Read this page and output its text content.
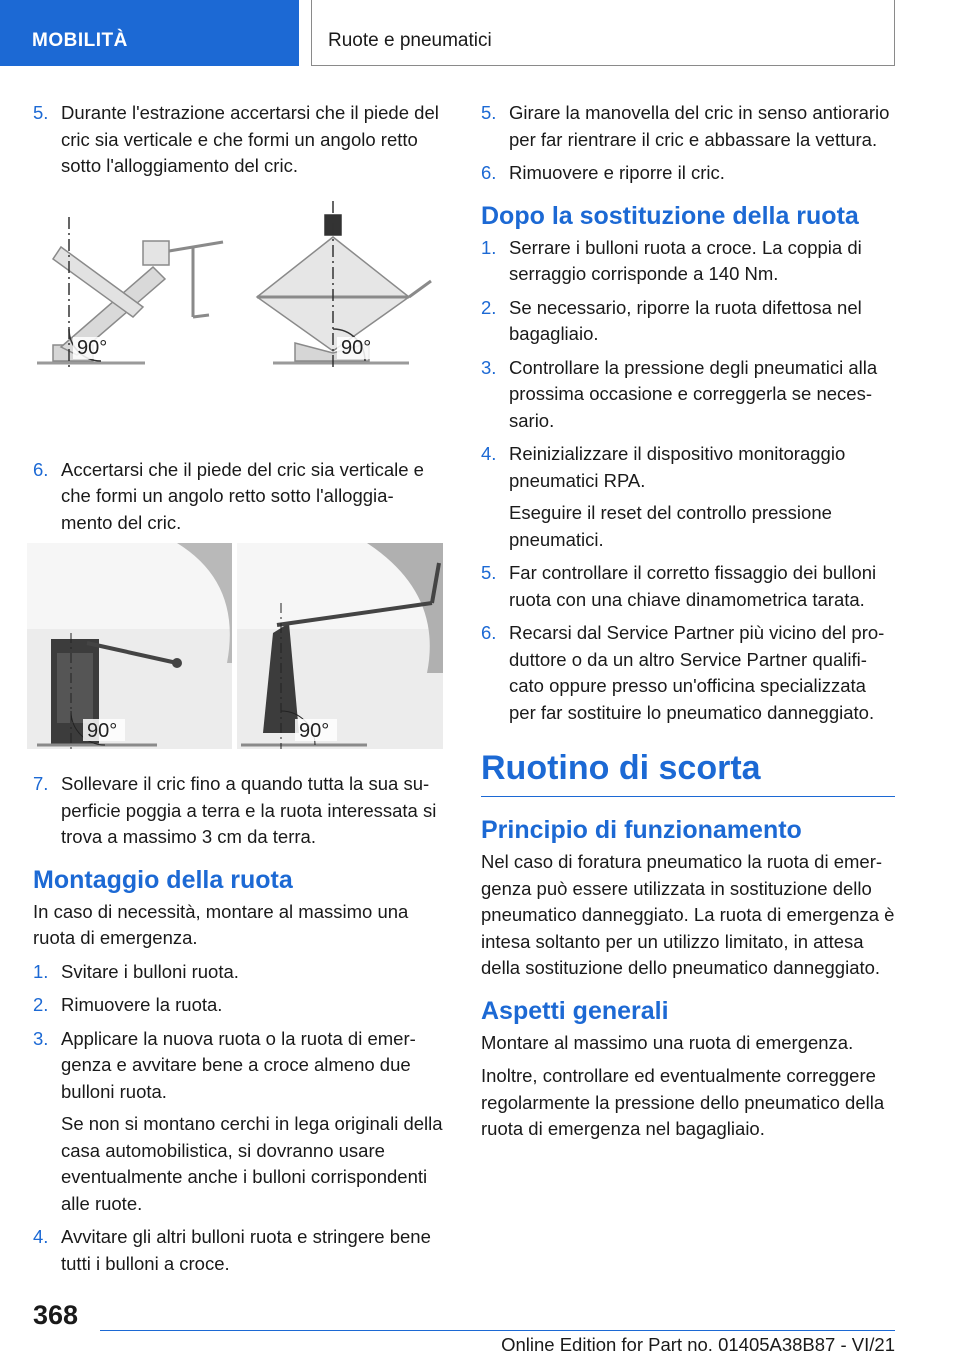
MOBILITÀ	Ruote e pneumatici
5. Durante l'estrazione accertarsi che il piede del cric sia verticale e che formi un angolo retto sotto l'alloggiamento del cric.
90°	90°
6. Accertarsi che il piede del cric sia verticale e che formi un angolo retto sotto l'alloggia-mento del cric.
90°	90°
7. Sollevare il cric fino a quando tutta la sua su-perficie poggia a terra e la ruota interessata si trova a massimo 3 cm da terra.
Montaggio della ruota
In caso di necessità, montare al massimo una ruota di emergenza.
1. Svitare i bulloni ruota.
2. Rimuovere la ruota.
3. Applicare la nuova ruota o la ruota di emer-genza e avvitare bene a croce almeno due bulloni ruota.
Se non si montano cerchi in lega originali della casa automobilistica, si dovranno usare eventualmente anche i bulloni corrispondenti alle ruote.
4. Avvitare gli altri bulloni ruota e stringere bene tutti i bulloni a croce.
5. Girare la manovella del cric in senso antiorario per far rientrare il cric e abbassare la vettura.
6. Rimuovere e riporre il cric.
Dopo la sostituzione della ruota
1. Serrare i bulloni ruota a croce. La coppia di serraggio corrisponde a 140 Nm.
2. Se necessario, riporre la ruota difettosa nel bagagliaio.
3. Controllare la pressione degli pneumatici alla prossima occasione e correggerla se neces-sario.
4. Reinizializzare il dispositivo monitoraggio pneumatici RPA.
Eseguire il reset del controllo pressione pneumatici.
5. Far controllare il corretto fissaggio dei bulloni ruota con una chiave dinamometrica tarata.
6. Recarsi dal Service Partner più vicino del pro-duttore o da un altro Service Partner qualifi-cato oppure presso un'officina specializzata per far sostituire lo pneumatico danneggiato.
Ruotino di scorta
Principio di funzionamento
Nel caso di foratura pneumatico la ruota di emer-genza può essere utilizzata in sostituzione dello pneumatico danneggiato. La ruota di emergenza è intesa soltanto per un utilizzo limitato, in attesa della sostituzione dello pneumatico danneggiato.
Aspetti generali
Montare al massimo una ruota di emergenza.
Inoltre, controllare ed eventualmente correggere regolarmente la pressione dello pneumatico della ruota di emergenza nel bagagliaio.
368
Online Edition for Part no. 01405A38B87 - VI/21
